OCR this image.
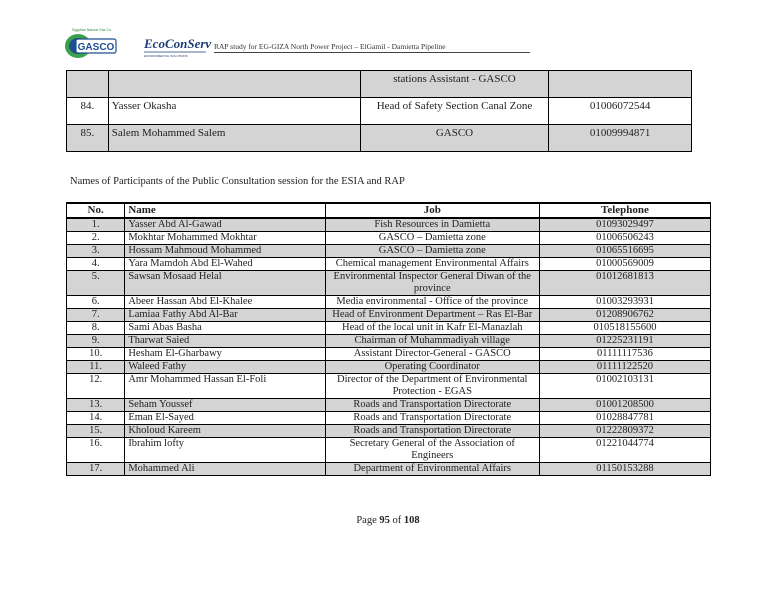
Egyptian Natural Gas Co.
GASCO EcoConServ
ENVIRONMENTAL SOLUTIONS
RAP study for EG-GIZA North Power Project – ElGamil - Damietta Pipeline
		stations Assistant - GASCO	
84.	Yasser Okasha	Head of Safety Section Canal Zone	01006072544
85.	Salem Mohammed Salem	GASCO	01009994871
Names of Participants of the Public Consultation session for the ESIA and RAP
No.	Name	Job	Telephone
1.	Yasser Abd Al-Gawad	Fish Resources in Damietta	01093029497
2.	Mokhtar Mohammed Mokhtar	GASCO – Damietta zone	01006506243
3.	Hossam Mahmoud Mohammed	GASCO – Damietta zone	01065516695
4.	Yara Mamdoh Abd El-Wahed	Chemical management Environmental Affairs	01000569009
5.	Sawsan Mosaad Helal	Environmental Inspector General Diwan of the province	01012681813
6.	Abeer Hassan Abd El-Khalee	Media environmental - Office of the province	01003293931
7.	Lamiaa Fathy Abd Al-Bar	Head of Environment Department – Ras El-Bar	01208906762
8.	Sami Abas Basha	Head of the local unit in Kafr El-Manazlah	010518155600
9.	Tharwat Saied	Chairman of Muhammadiyah village	01225231191
10.	Hesham El-Gharbawy	Assistant Director-General - GASCO	01111117536
11.	Waleed Fathy	Operating Coordinator	01111122520
12.	Amr Mohammed Hassan El-Foli	Director of the Department of Environmental Protection - EGAS	01002103131
13.	Seham Youssef	Roads and Transportation Directorate	01001208500
14.	Eman El-Sayed	Roads and Transportation Directorate	01028847781
15.	Kholoud Kareem	Roads and Transportation Directorate	01222809372
16.	Ibrahim lofty	Secretary General of the Association of Engineers	01221044774
17.	Mohammed Ali	Department of Environmental Affairs	01150153288
Page 95 of 108
